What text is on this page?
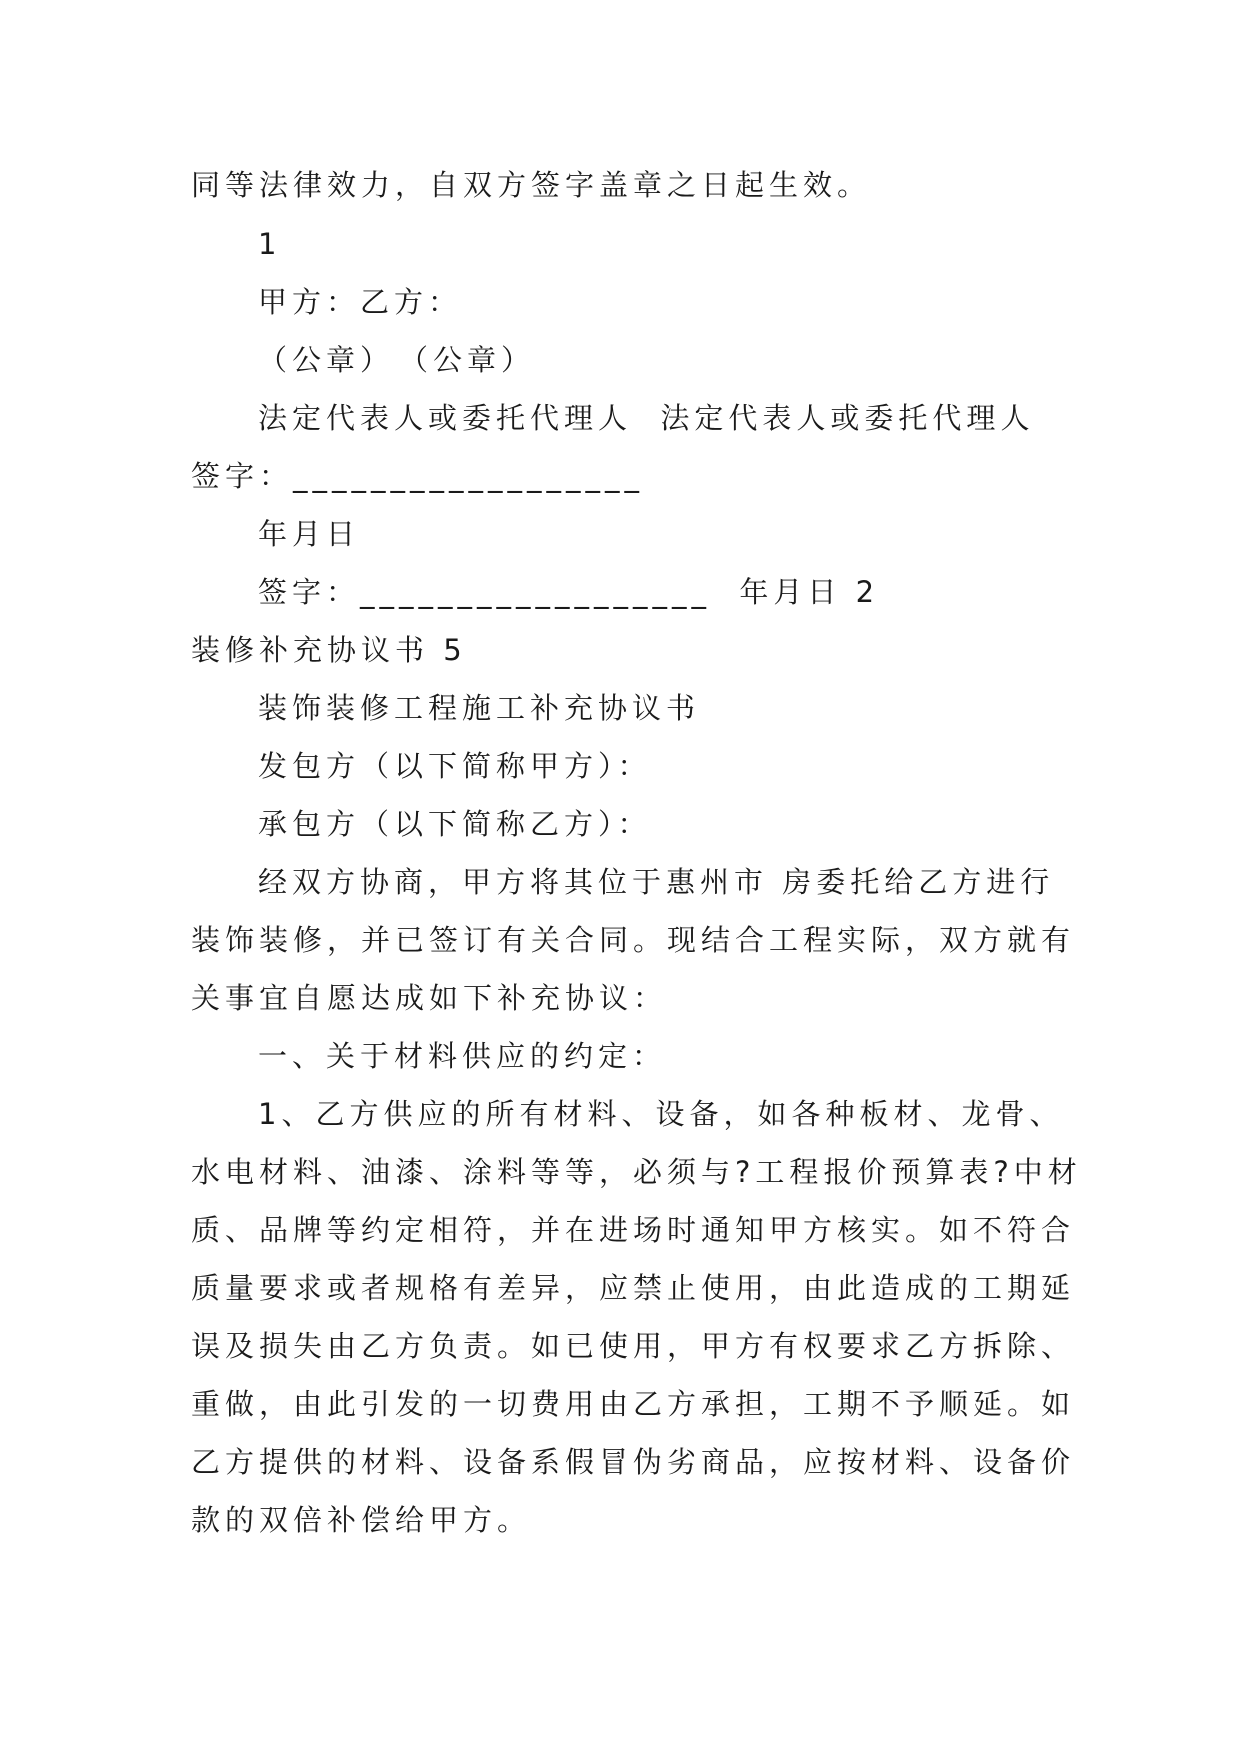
同等法律效力，自双方签字盖章之日起生效。
1
甲方：乙方：
（公章）　（公章）
法定代表人或委托代理人  法定代表人或委托代理人
签字：__________________
年月日
签字：__________________  年月日 2
装修补充协议书 5
装饰装修工程施工补充协议书
发包方（以下简称甲方）：
承包方（以下简称乙方）：
经双方协商，甲方将其位于惠州市 房委托给乙方进行
装饰装修，并已签订有关合同。现结合工程实际，双方就有
关事宜自愿达成如下补充协议：
一、关于材料供应的约定：
1、乙方供应的所有材料、设备，如各种板材、龙骨、
水电材料、油漆、涂料等等，必须与?工程报价预算表?中材
质、品牌等约定相符，并在进场时通知甲方核实。如不符合
质量要求或者规格有差异，应禁止使用，由此造成的工期延
误及损失由乙方负责。如已使用，甲方有权要求乙方拆除、
重做，由此引发的一切费用由乙方承担，工期不予顺延。如
乙方提供的材料、设备系假冒伪劣商品，应按材料、设备价
款的双倍补偿给甲方。
